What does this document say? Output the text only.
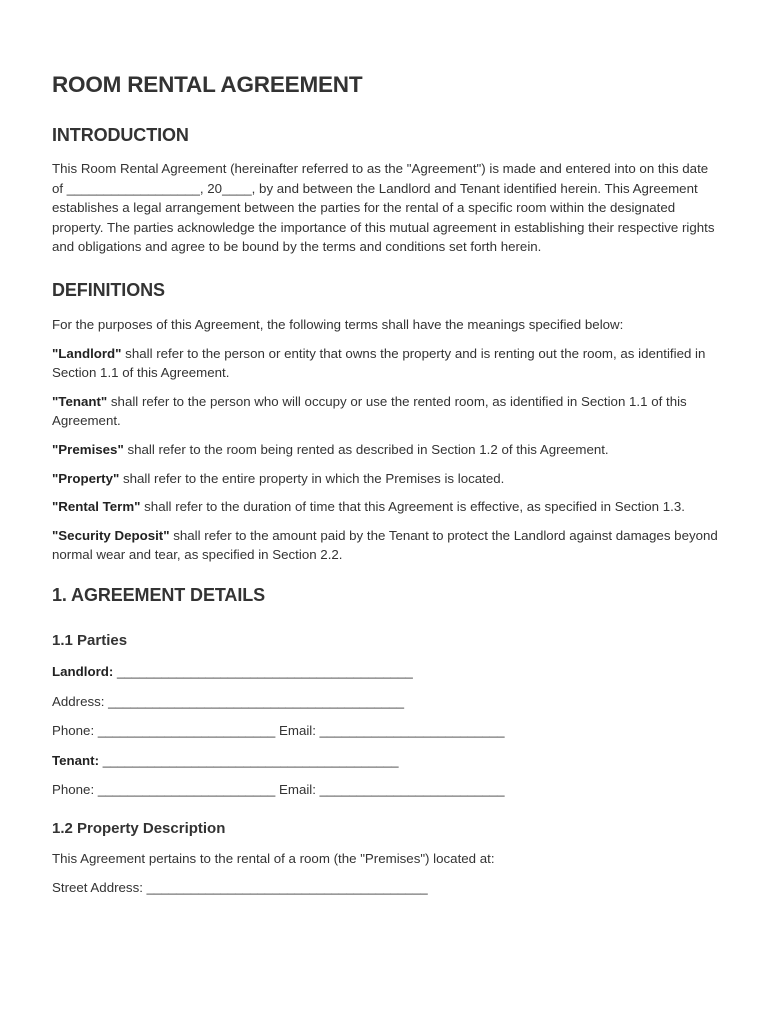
ROOM RENTAL AGREEMENT
INTRODUCTION

This Room Rental Agreement (hereinafter referred to as the "Agreement") is made and entered into on this date of __________________, 20____, by and between the Landlord and Tenant identified herein. This Agreement establishes a legal arrangement between the parties for the rental of a specific room within the designated property. The parties acknowledge the importance of this mutual agreement in establishing their respective rights and obligations and agree to be bound by the terms and conditions set forth herein.

DEFINITIONS

For the purposes of this Agreement, the following terms shall have the meanings specified below:

"Landlord" shall refer to the person or entity that owns the property and is renting out the room, as identified in Section 1.1 of this Agreement.

"Tenant" shall refer to the person who will occupy or use the rented room, as identified in Section 1.1 of this Agreement.

"Premises" shall refer to the room being rented as described in Section 1.2 of this Agreement.

"Property" shall refer to the entire property in which the Premises is located.

"Rental Term" shall refer to the duration of time that this Agreement is effective, as specified in Section 1.3.

"Security Deposit" shall refer to the amount paid by the Tenant to protect the Landlord against damages beyond normal wear and tear, as specified in Section 2.2.

1. AGREEMENT DETAILS
1.1 Parties

Landlord: ________________________________________

Address: ________________________________________

Phone: ________________________ Email: _________________________

Tenant: ________________________________________

Phone: ________________________ Email: _________________________

1.2 Property Description

This Agreement pertains to the rental of a room (the "Premises") located at:

Street Address: ______________________________________
